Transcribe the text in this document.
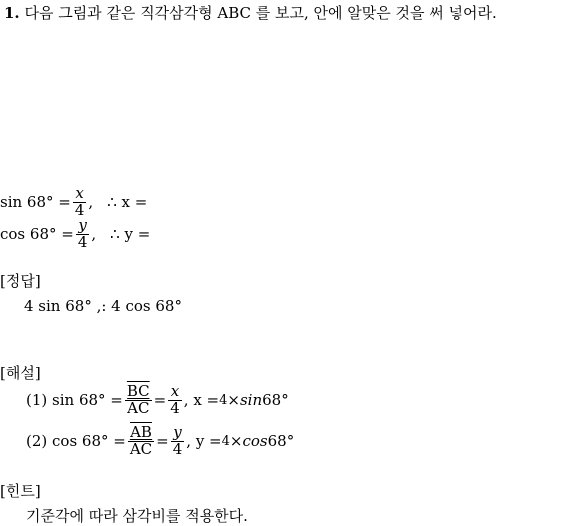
1. 다음 그림과 같은 직각삼각형 ABC 를 보고, 안에 알맞은 것을 써 넣어라.
$\sin 68^\circ = \frac{x}{4}$ , ∴ x =
$\cos 68^\circ = \frac{y}{4}$ , ∴ y =
[정답]
4 sin 68° ,: 4 cos 68°
[해설]
(1) $\sin 68^\circ = \frac{\overline{BC}}{AC} = \frac{x}{4}$ , x = 4 × sin 68°
(2) $\cos 68^\circ = \frac{\overline{AB}}{AC} = \frac{y}{4}$ , y = 4 × cos 68°
[힌트]
기준각에 따라 삼각비를 적용한다.
